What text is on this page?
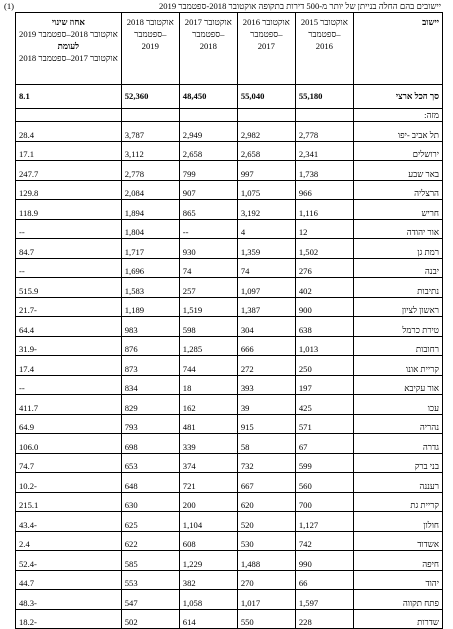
(1)	יישובים בהם החלה בנייתן של יותר מ-500 דירות בתקופה אוקטובר 2018-ספטמבר 2019
יישוב	אוקטובר 2015 –ספטמבר 2016	אוקטובר 2016 –ספטמבר 2017	אוקטובר 2017 –ספטמבר 2018	אוקטובר 2018 –ספטמבר 2019	אחוז שינוי

אוקטובר 2018–ספטמבר 2019
לעומת

אוקטובר 2017–ספטמבר 2018

סך הכל ארצי	55,180	55,040	48,450	52,360	8.1
מזה:					
תל אביב -יפו	2,778	2,982	2,949	3,787	28.4
ירושלים	2,341	2,658	2,658	3,112	17.1
באר שבע	1,738	997	799	2,778	247.7
הרצליה	966	1,075	907	2,084	129.8
חריש	1,116	3,192	865	1,894	118.9
אור יהודה	12	4	--	1,804	--
רמת גן	1,502	1,359	930	1,717	84.7
יבנה	276	74	74	1,696	--
נתיבות	402	1,097	257	1,583	515.9
ראשון לציון	900	1,387	1,519	1,189	-21.7
טירת כרמל	638	304	598	983	64.4
רחובות	1,013	666	1,285	876	-31.9
קריית אונו	250	272	744	873	17.4
אור עקיבא	197	393	18	834	--
עכו	425	39	162	829	411.7
נהריה	571	915	481	793	64.9
גדרה	67	58	339	698	106.0
בני ברק	599	732	374	653	74.7
רעננה	560	667	721	648	-10.2
קריית גת	700	620	200	630	215.1
חולון	1,127	520	1,104	625	-43.4
אשדוד	742	530	608	622	2.4
חיפה	990	1,488	1,229	585	-52.4
יהוד	66	270	382	553	44.7
פתח תקווה	1,597	1,017	1,058	547	-48.3
שדרות	228	550	614	502	-18.2
